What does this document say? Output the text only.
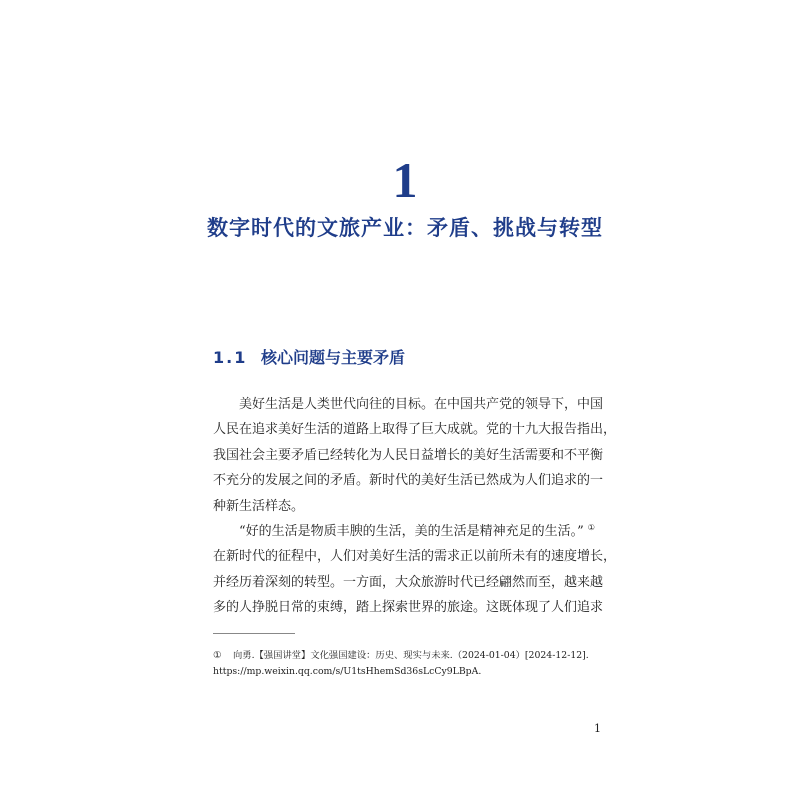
1
数字时代的文旅产业：矛盾、挑战与转型
1.1 核心问题与主要矛盾
美好生活是人类世代向往的目标。在中国共产党的领导下，中国
人民在追求美好生活的道路上取得了巨大成就。党的十九大报告指出，
我国社会主要矛盾已经转化为人民日益增长的美好生活需要和不平衡
不充分的发展之间的矛盾。新时代的美好生活已然成为人们追求的一
种新生活样态。
“好的生活是物质丰腴的生活，美的生活是精神充足的生活。” ①
在新时代的征程中，人们对美好生活的需求正以前所未有的速度增长，
并经历着深刻的转型。一方面，大众旅游时代已经翩然而至，越来越
多的人挣脱日常的束缚，踏上探索世界的旅途。这既体现了人们追求
① 向勇.【强国讲堂】文化强国建设：历史、现实与未来.（2024-01-04）[2024-12-12].
https://mp.weixin.qq.com/s/U1tsHhemSd36sLcCy9LBpA.
1
